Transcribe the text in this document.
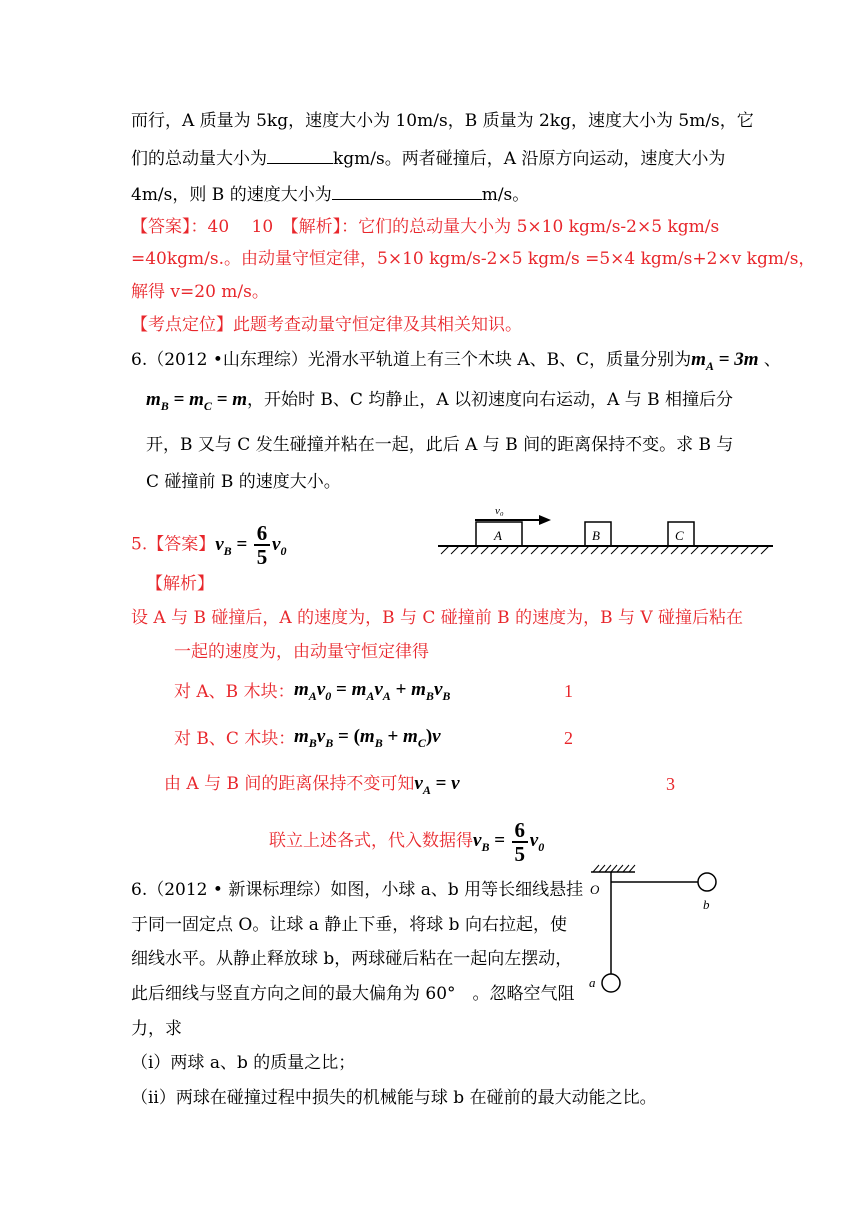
而行，A 质量为 5kg，速度大小为 10m/s，B 质量为 2kg，速度大小为 5m/s，它
们的总动量大小为	kgm/s。两者碰撞后，A 沿原方向运动，速度大小为
4m/s，则 B 的速度大小为	m/s。
【答案】：40　 10　【解析】：它们的总动量大小为 5×10 kgm/s-2×5 kgm/s
=40kgm/s.。由动量守恒定律，5×10 kgm/s-2×5 kgm/s =5×4 kgm/s+2×v kgm/s，
解得 v=20 m/s。
【考点定位】此题考查动量守恒定律及其相关知识。
6.（2012 •山东理综）光滑水平轨道上有三个木块 A、B、C，质量分别为$m_A = 3m$ 、
$m_B = m_C = m$，开始时 B、C 均静止，A 以初速度向右运动，A 与 B 相撞后分
开，B 又与 C 发生碰撞并粘在一起，此后 A 与 B 间的距离保持不变。求 B 与
C 碰撞前 B 的速度大小。
v₀
A	B	C
5.【答案】$v_B = \frac{6}{5} v_0$
【解析】
设 A 与 B 碰撞后，A 的速度为，B 与 C 碰撞前 B 的速度为，B 与 V 碰撞后粘在
一起的速度为，由动量守恒定律得
对 A、B 木块： $m_Av_0 = m_Av_A + m_Bv_B$	1
对 B、C 木块：
$m_Bv_B = (m_B + m_C)v$	2
由 A 与 B 间的距离保持不变可知$v_A = v$	3
联立上述各式，代入数据得$v_B = \frac{6}{5} v_0$
6.（2012 • 新课标理综）如图，小球 a、b 用等长细线悬挂
于同一固定点 O。让球 a 静止下垂，将球 b 向右拉起，使
细线水平。从静止释放球 b，两球碰后粘在一起向左摆动，
此后细线与竖直方向之间的最大偏角为 60°　。忽略空气阻
力，求
（i）两球 a、b 的质量之比；
（ii）两球在碰撞过程中损失的机械能与球 b 在碰前的最大动能之比。
O
a
b
